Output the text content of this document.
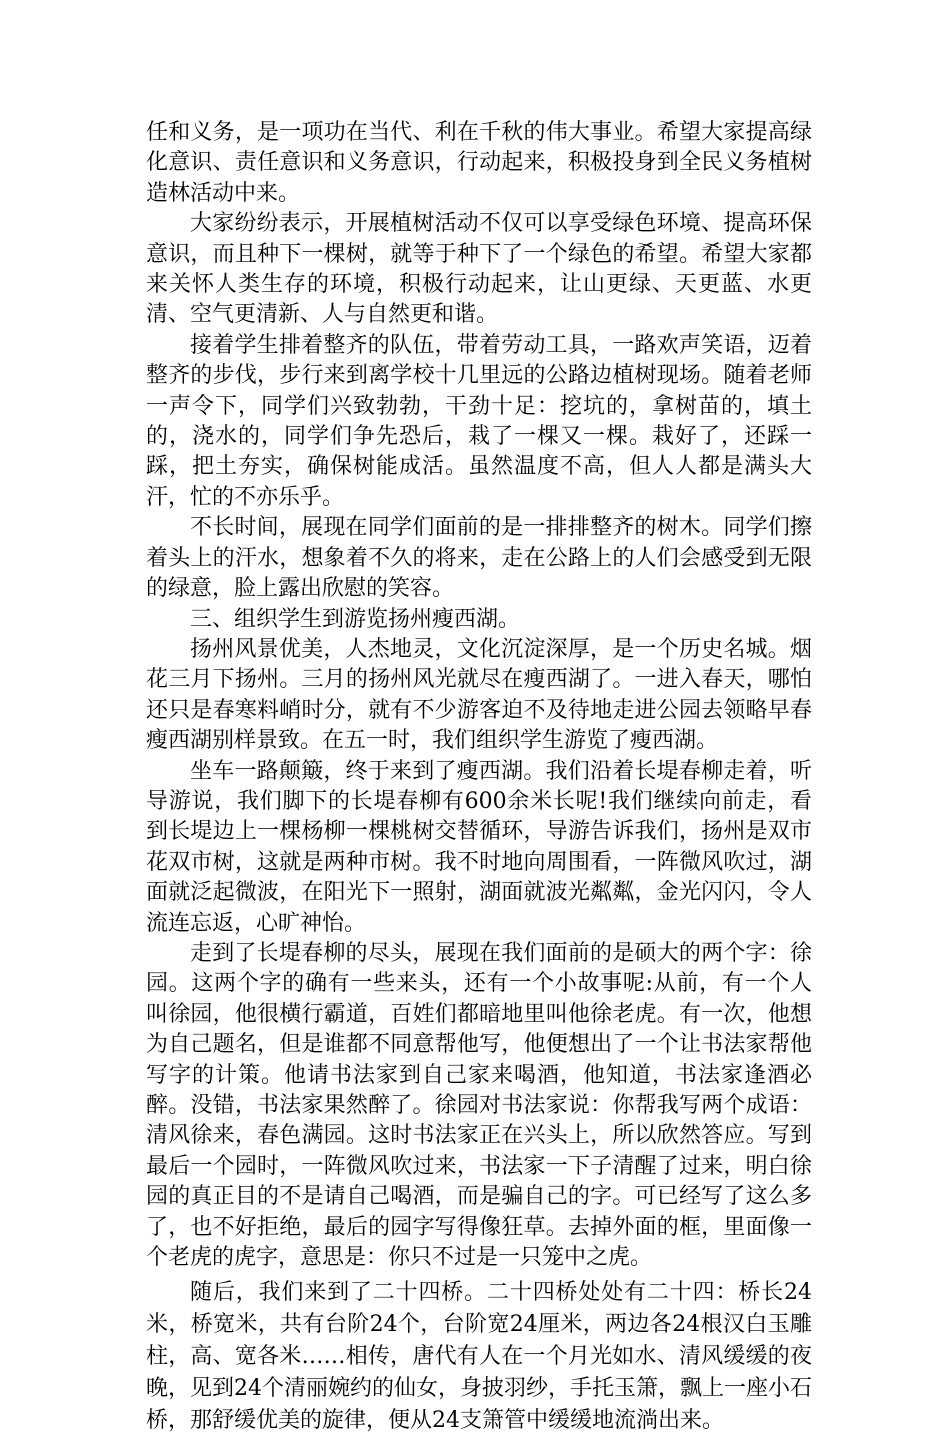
任和义务，是一项功在当代、利在千秋的伟大事业。希望大家提高绿化意识、责任意识和义务意识，行动起来，积极投身到全民义务植树造林活动中来。

大家纷纷表示，开展植树活动不仅可以享受绿色环境、提高环保意识，而且种下一棵树，就等于种下了一个绿色的希望。希望大家都来关怀人类生存的环境，积极行动起来，让山更绿、天更蓝、水更清、空气更清新、人与自然更和谐。

接着学生排着整齐的队伍，带着劳动工具，一路欢声笑语，迈着整齐的步伐，步行来到离学校十几里远的公路边植树现场。随着老师一声令下，同学们兴致勃勃，干劲十足：挖坑的，拿树苗的，填土的，浇水的，同学们争先恐后，栽了一棵又一棵。栽好了，还踩一踩，把土夯实，确保树能成活。虽然温度不高，但人人都是满头大汗，忙的不亦乐乎。

不长时间，展现在同学们面前的是一排排整齐的树木。同学们擦着头上的汗水，想象着不久的将来，走在公路上的人们会感受到无限的绿意，脸上露出欣慰的笑容。

三、组织学生到游览扬州瘦西湖。

扬州风景优美，人杰地灵，文化沉淀深厚，是一个历史名城。烟花三月下扬州。三月的扬州风光就尽在瘦西湖了。一进入春天，哪怕还只是春寒料峭时分，就有不少游客迫不及待地走进公园去领略早春瘦西湖别样景致。在五一时，我们组织学生游览了瘦西湖。

坐车一路颠簸，终于来到了瘦西湖。我们沿着长堤春柳走着，听导游说，我们脚下的长堤春柳有600余米长呢!我们继续向前走，看到长堤边上一棵杨柳一棵桃树交替循环，导游告诉我们，扬州是双市花双市树，这就是两种市树。我不时地向周围看，一阵微风吹过，湖面就泛起微波，在阳光下一照射，湖面就波光粼粼，金光闪闪，令人流连忘返，心旷神怡。

走到了长堤春柳的尽头，展现在我们面前的是硕大的两个字：徐园。这两个字的确有一些来头，还有一个小故事呢:从前，有一个人叫徐园，他很横行霸道，百姓们都暗地里叫他徐老虎。有一次，他想为自己题名，但是谁都不同意帮他写，他便想出了一个让书法家帮他写字的计策。他请书法家到自己家来喝酒，他知道，书法家逢酒必醉。没错，书法家果然醉了。徐园对书法家说：你帮我写两个成语：清风徐来，春色满园。这时书法家正在兴头上，所以欣然答应。写到最后一个园时，一阵微风吹过来，书法家一下子清醒了过来，明白徐园的真正目的不是请自己喝酒，而是骗自己的字。可已经写了这么多了，也不好拒绝，最后的园字写得像狂草。去掉外面的框，里面像一个老虎的虎字，意思是：你只不过是一只笼中之虎。

随后，我们来到了二十四桥。二十四桥处处有二十四：桥长24米，桥宽米，共有台阶24个，台阶宽24厘米，两边各24根汉白玉雕柱，高、宽各米……相传，唐代有人在一个月光如水、清风缓缓的夜晚，见到24个清丽婉约的仙女，身披羽纱，手托玉箫，飘上一座小石桥，那舒缓优美的旋律，便从24支箫管中缓缓地流淌出来。
